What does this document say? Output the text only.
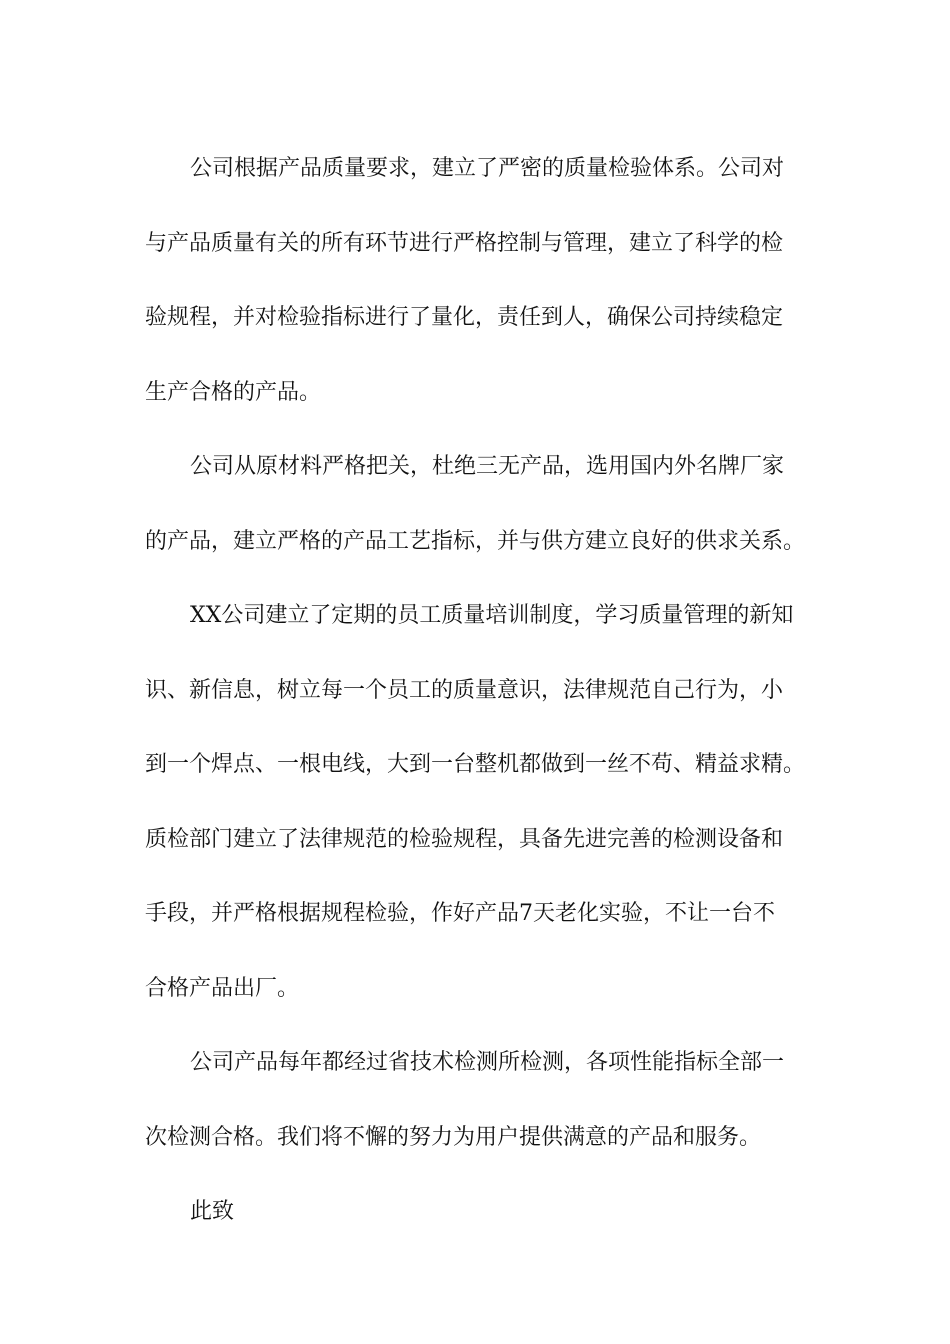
公司根据产品质量要求，建立了严密的质量检验体系。公司对
与产品质量有关的所有环节进行严格控制与管理，建立了科学的检
验规程，并对检验指标进行了量化，责任到人，确保公司持续稳定
生产合格的产品。
公司从原材料严格把关，杜绝三无产品，选用国内外名牌厂家
的产品，建立严格的产品工艺指标，并与供方建立良好的供求关系。
XX公司建立了定期的员工质量培训制度，学习质量管理的新知
识、新信息，树立每一个员工的质量意识，法律规范自己行为，小
到一个焊点、一根电线，大到一台整机都做到一丝不苟、精益求精。
质检部门建立了法律规范的检验规程，具备先进完善的检测设备和
手段，并严格根据规程检验，作好产品7天老化实验，不让一台不
合格产品出厂。
公司产品每年都经过省技术检测所检测，各项性能指标全部一
次检测合格。我们将不懈的努力为用户提供满意的产品和服务。
此致
